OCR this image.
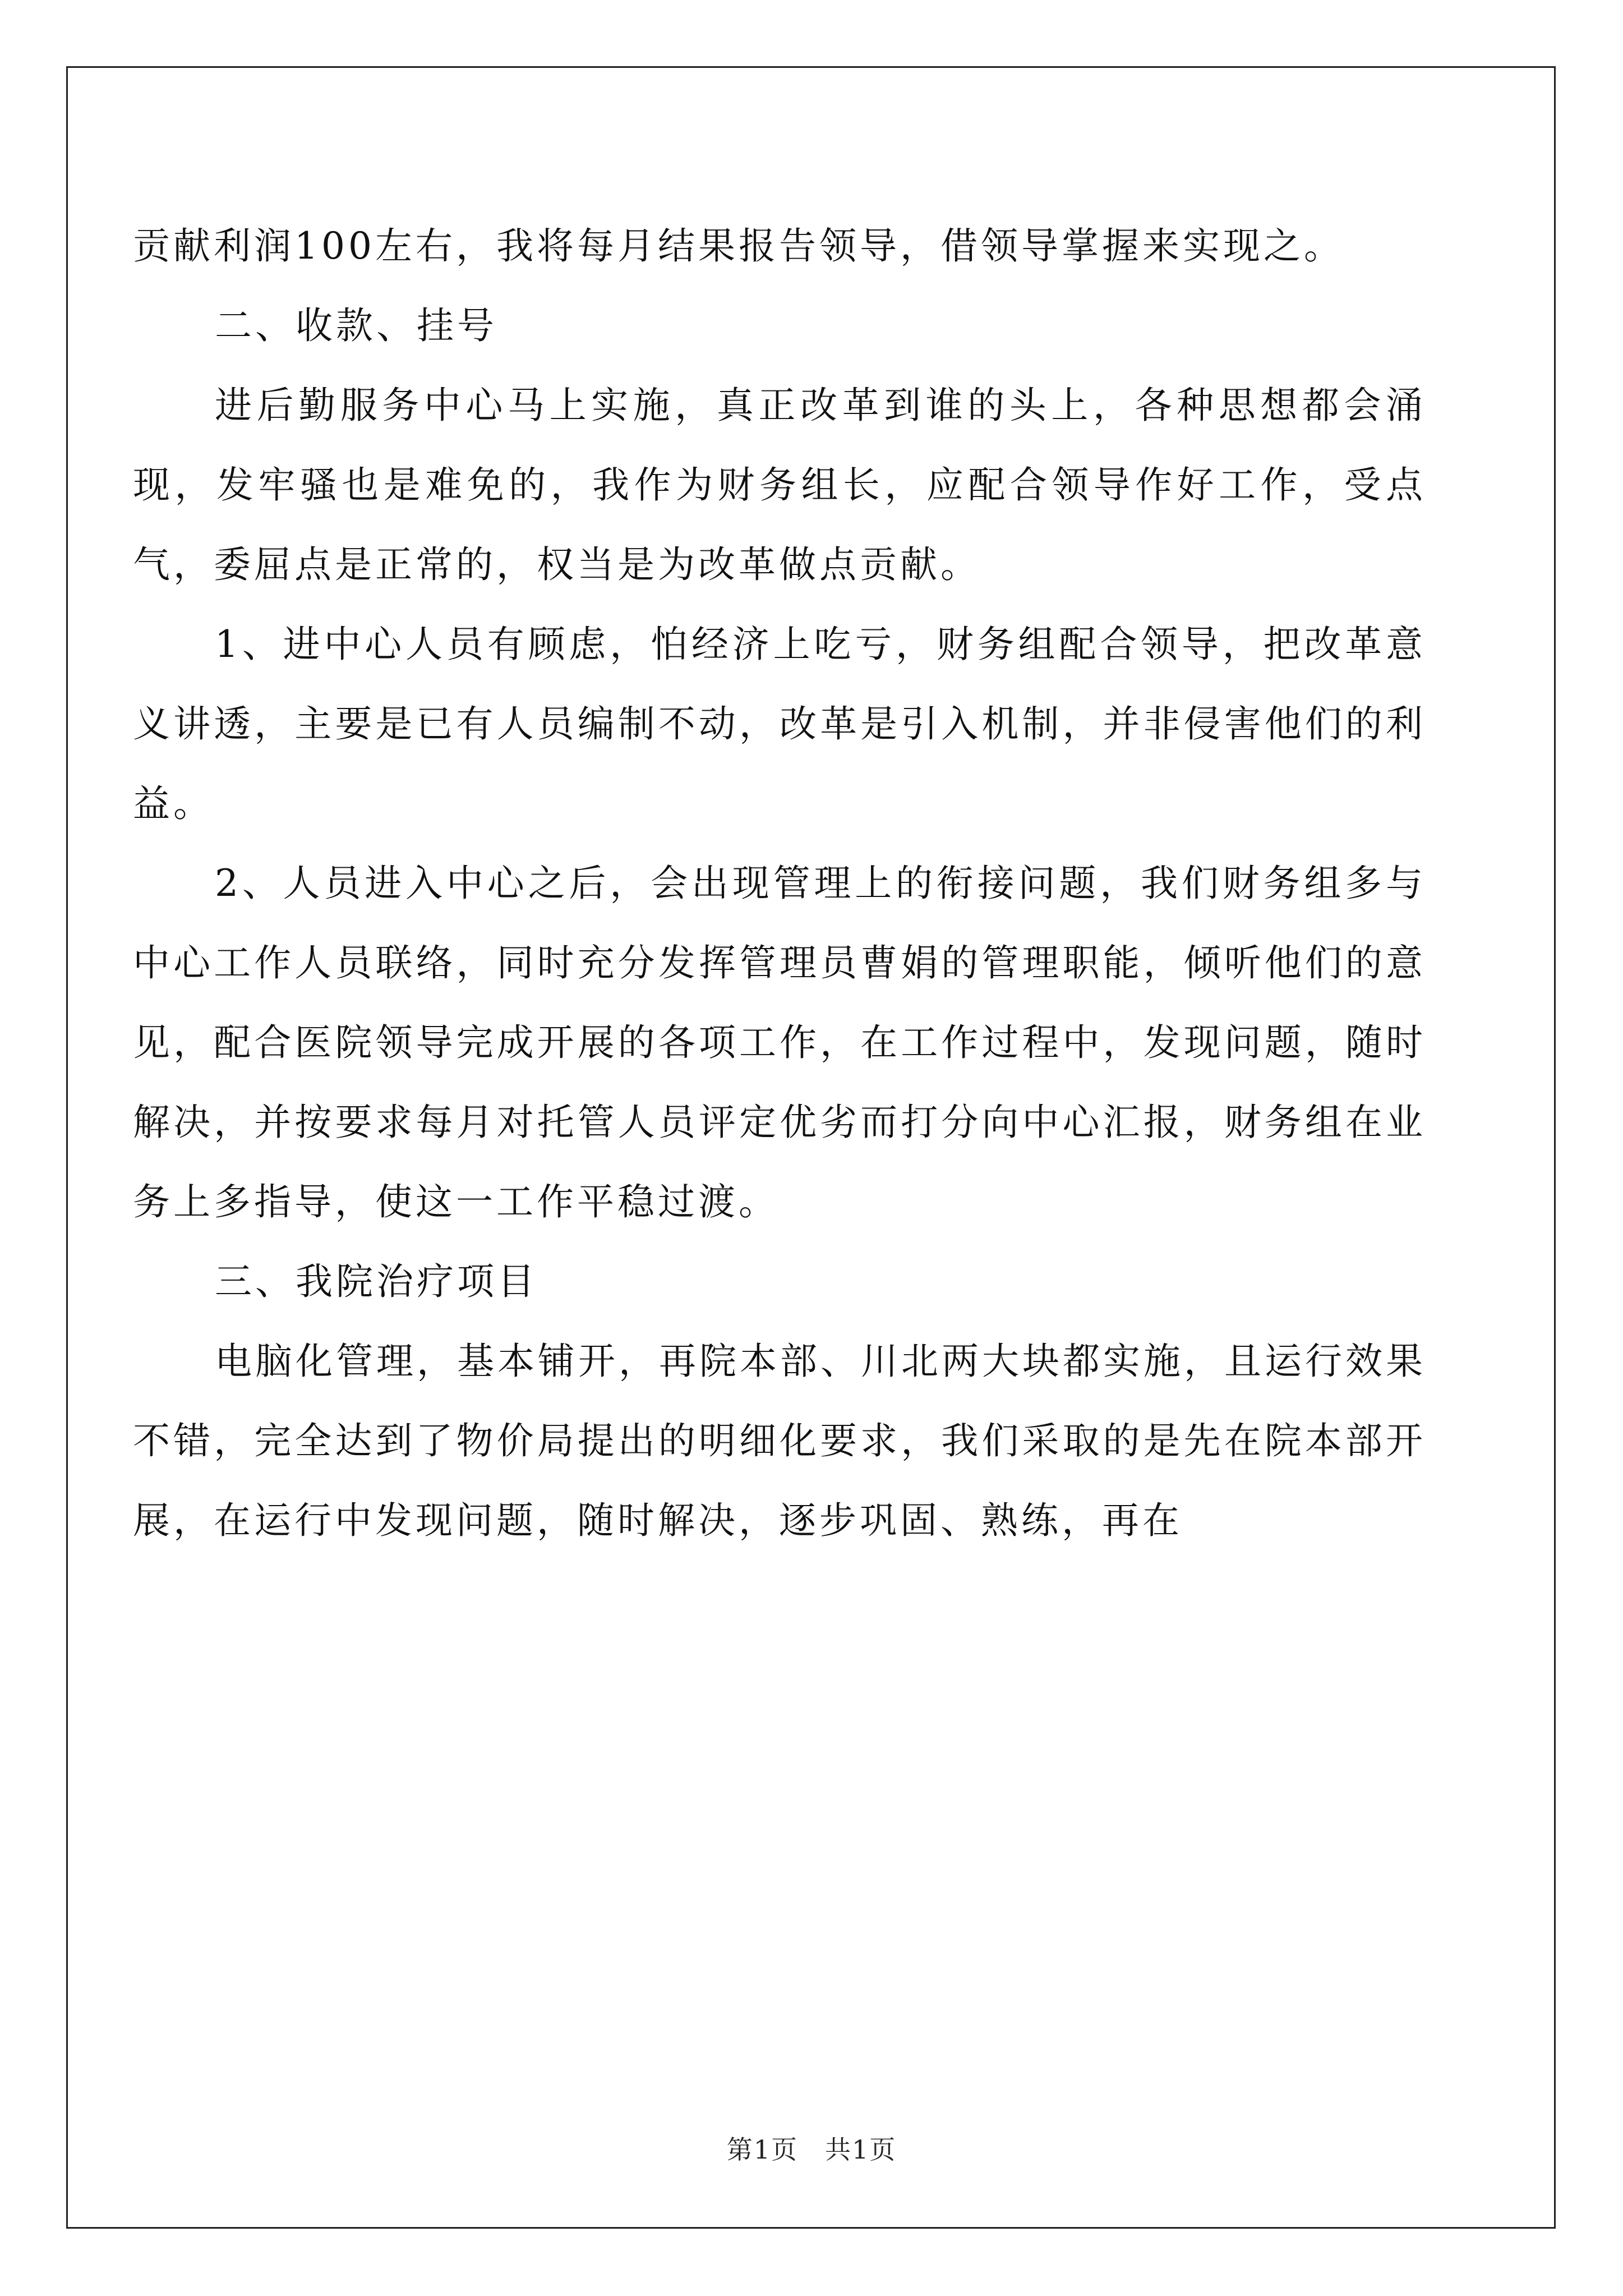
贡献利润100左右，我将每月结果报告领导，借领导掌握来实现之。

二、收款、挂号

进后勤服务中心马上实施，真正改革到谁的头上，各种思想都会涌现，发牢骚也是难免的，我作为财务组长，应配合领导作好工作，受点气，委屈点是正常的，权当是为改革做点贡献。

1、进中心人员有顾虑，怕经济上吃亏，财务组配合领导，把改革意义讲透，主要是已有人员编制不动，改革是引入机制，并非侵害他们的利益。

2、人员进入中心之后，会出现管理上的衔接问题，我们财务组多与中心工作人员联络，同时充分发挥管理员曹娟的管理职能，倾听他们的意见，配合医院领导完成开展的各项工作，在工作过程中，发现问题，随时解决，并按要求每月对托管人员评定优劣而打分向中心汇报，财务组在业务上多指导，使这一工作平稳过渡。

三、我院治疗项目

电脑化管理，基本铺开，再院本部、川北两大块都实施，且运行效果不错，完全达到了物价局提出的明细化要求，我们采取的是先在院本部开展，在运行中发现问题，随时解决，逐步巩固、熟练，再在

第1页　共1页
